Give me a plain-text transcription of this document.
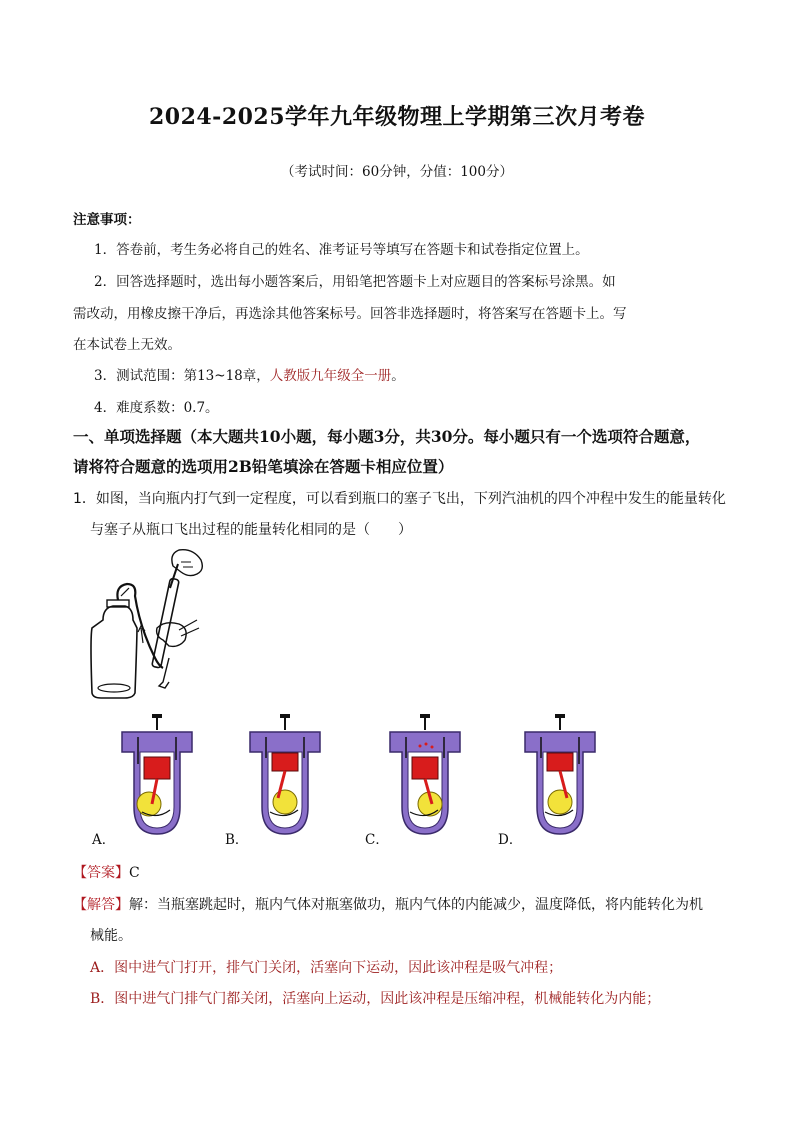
2024-2025学年九年级物理上学期第三次月考卷
（考试时间：60分钟，分值：100分）
注意事项：
1．答卷前，考生务必将自己的姓名、准考证号等填写在答题卡和试卷指定位置上。
2．回答选择题时，选出每小题答案后，用铅笔把答题卡上对应题目的答案标号涂黑。如
需改动，用橡皮擦干净后，再选涂其他答案标号。回答非选择题时，将答案写在答题卡上。写
在本试卷上无效。
3．测试范围：第13~18章，人教版九年级全一册。
4．难度系数：0.7。
一、单项选择题（本大题共10小题，每小题3分，共30分。每小题只有一个选项符合题意，
请将符合题意的选项用2B铅笔填涂在答题卡相应位置）
1．如图，当向瓶内打气到一定程度，可以看到瓶口的塞子飞出，下列汽油机的四个冲程中发生的能量转化
与塞子从瓶口飞出过程的能量转化相同的是（　　）
A．	B．	C．	D．
【答案】C
【解答】解：当瓶塞跳起时，瓶内气体对瓶塞做功，瓶内气体的内能减少，温度降低，将内能转化为机
械能。
A．图中进气门打开，排气门关闭，活塞向下运动，因此该冲程是吸气冲程；
B．图中进气门排气门都关闭，活塞向上运动，因此该冲程是压缩冲程，机械能转化为内能；
